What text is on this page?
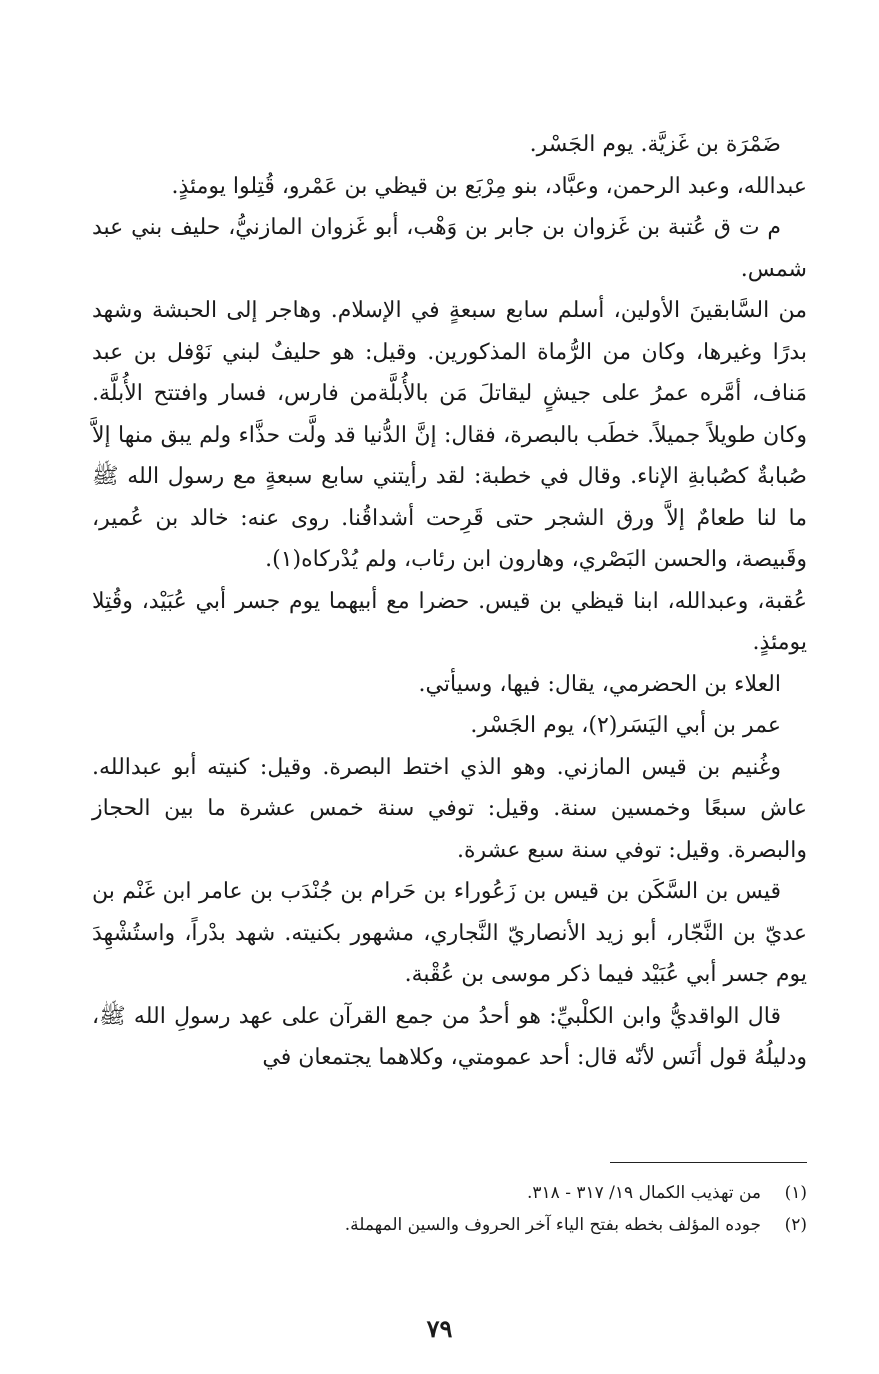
ضَمْرَة بن غَزيَّة. يوم الجَسْر.

عبدالله، وعبد الرحمن، وعبَّاد، بنو مِرْبَع بن قيظي بن عَمْرو، قُتِلوا يومئذٍ.

م ت ق عُتبة بن غَزوان بن جابر بن وَهْب، أبو غَزوان المازنيُّ، حليف بني عبد شمس.

من السَّابقينَ الأولين، أسلم سابع سبعةٍ في الإسلام. وهاجر إلى الحبشة وشهد بدرًا وغيرها، وكان من الرُّماة المذكورين. وقيل: هو حليفٌ لبني نَوْفل بن عبد مَناف، أمَّره عمرُ على جيشٍ ليقاتلَ مَن بالأُبلَّةمن فارس، فسار وافتتح الأُبلَّة. وكان طويلاً جميلاً. خطَب بالبصرة، فقال: إنَّ الدُّنيا قد ولَّت حذَّاء ولم يبق منها إلاَّ صُبابةٌ كصُبابةِ الإناء. وقال في خطبة: لقد رأيتني سابع سبعةٍ مع رسول الله ﷺ ما لنا طعامٌ إلاَّ ورق الشجر حتى قَرِحت أشداقُنا. روى عنه: خالد بن عُمير، وقَبيصة، والحسن البَصْري، وهارون ابن رئاب، ولم يُدْركاه(١).

عُقبة، وعبدالله، ابنا قيظي بن قيس. حضرا مع أبيهما يوم جسر أبي عُبَيْد، وقُتِلا يومئذٍ.

العلاء بن الحضرمي، يقال: فيها، وسيأتي.

عمر بن أبي اليَسَر(٢)، يوم الجَسْر.

وغُنيم بن قيس المازني. وهو الذي اختط البصرة. وقيل: كنيته أبو عبدالله. عاش سبعًا وخمسين سنة. وقيل: توفي سنة خمس عشرة ما بين الحجاز والبصرة. وقيل: توفي سنة سبع عشرة.

قيس بن السَّكَن بن قيس بن زَعُوراء بن حَرام بن جُنْدَب بن عامر ابن غَنْم بن عديّ بن النَّجّار، أبو زيد الأنصاريّ النَّجاري، مشهور بكنيته. شهد بدْراً، واستُشْهِدَ يوم جسر أبي عُبَيْد فيما ذكر موسى بن عُقْبة.

قال الواقديُّ وابن الكلْبيِّ: هو أحدُ من جمع القرآن على عهد رسولِ الله ﷺ، ودليلُهُ قول أنَس لأنّه قال: أحد عمومتي، وكلاهما يجتمعان في

(١)
من تهذيب الكمال ١٩/ ٣١٧ - ٣١٨.
(٢)
جوده المؤلف بخطه بفتح الياء آخر الحروف والسين المهملة.
٧٩
